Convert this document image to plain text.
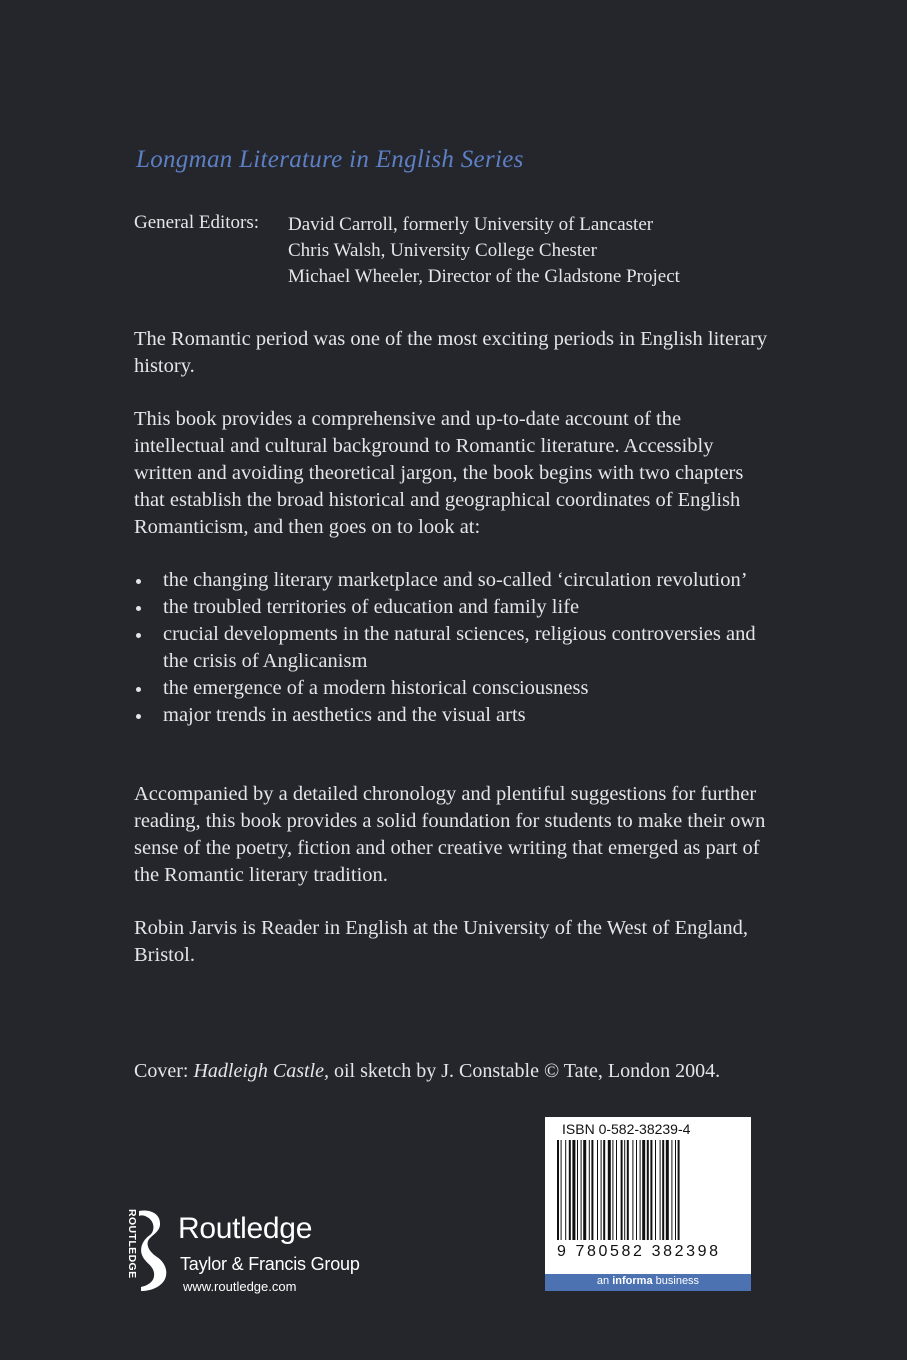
Longman Literature in English Series
General Editors: David Carroll, formerly University of Lancaster
Chris Walsh, University College Chester
Michael Wheeler, Director of the Gladstone Project
The Romantic period was one of the most exciting periods in English literary history.
This book provides a comprehensive and up-to-date account of the intellectual and cultural background to Romantic literature. Accessibly written and avoiding theoretical jargon, the book begins with two chapters that establish the broad historical and geographical coordinates of English Romanticism, and then goes on to look at:
the changing literary marketplace and so-called ‘circulation revolution’
the troubled territories of education and family life
crucial developments in the natural sciences, religious controversies and the crisis of Anglicanism
the emergence of a modern historical consciousness
major trends in aesthetics and the visual arts
Accompanied by a detailed chronology and plentiful suggestions for further reading, this book provides a solid foundation for students to make their own sense of the poetry, fiction and other creative writing that emerged as part of the Romantic literary tradition.
Robin Jarvis is Reader in English at the University of the West of England, Bristol.
Cover: Hadleigh Castle, oil sketch by J. Constable © Tate, London 2004.
ROUTLEDGE Routledge
Taylor & Francis Group
www.routledge.com
ISBN 0-582-38239-4
9 780582 382398
an informa business
